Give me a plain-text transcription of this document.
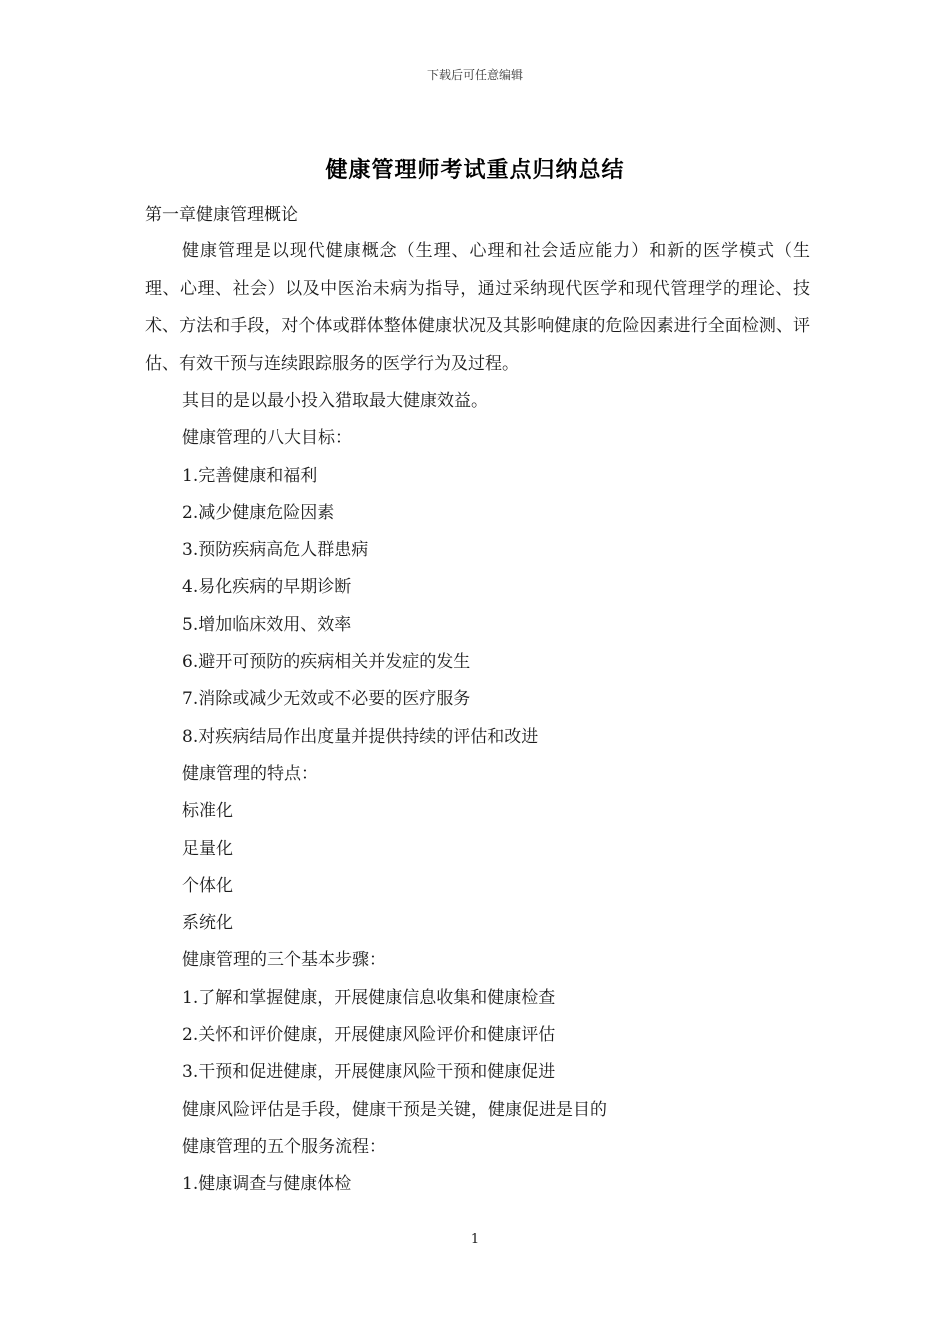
下载后可任意编辑
健康管理师考试重点归纳总结
第一章健康管理概论

健康管理是以现代健康概念（生理、心理和社会适应能力）和新的医学模式（生理、心理、社会）以及中医治未病为指导，通过采纳现代医学和现代管理学的理论、技术、方法和手段，对个体或群体整体健康状况及其影响健康的危险因素进行全面检测、评估、有效干预与连续跟踪服务的医学行为及过程。

其目的是以最小投入猎取最大健康效益。
健康管理的八大目标：
1.完善健康和福利
2.减少健康危险因素
3.预防疾病高危人群患病
4.易化疾病的早期诊断
5.增加临床效用、效率
6.避开可预防的疾病相关并发症的发生
7.消除或减少无效或不必要的医疗服务
8.对疾病结局作出度量并提供持续的评估和改进
健康管理的特点：
标准化
足量化
个体化
系统化
健康管理的三个基本步骤：
1.了解和掌握健康，开展健康信息收集和健康检查
2.关怀和评价健康，开展健康风险评价和健康评估
3.干预和促进健康，开展健康风险干预和健康促进
健康风险评估是手段，健康干预是关键，健康促进是目的
健康管理的五个服务流程：
1.健康调查与健康体检
1
